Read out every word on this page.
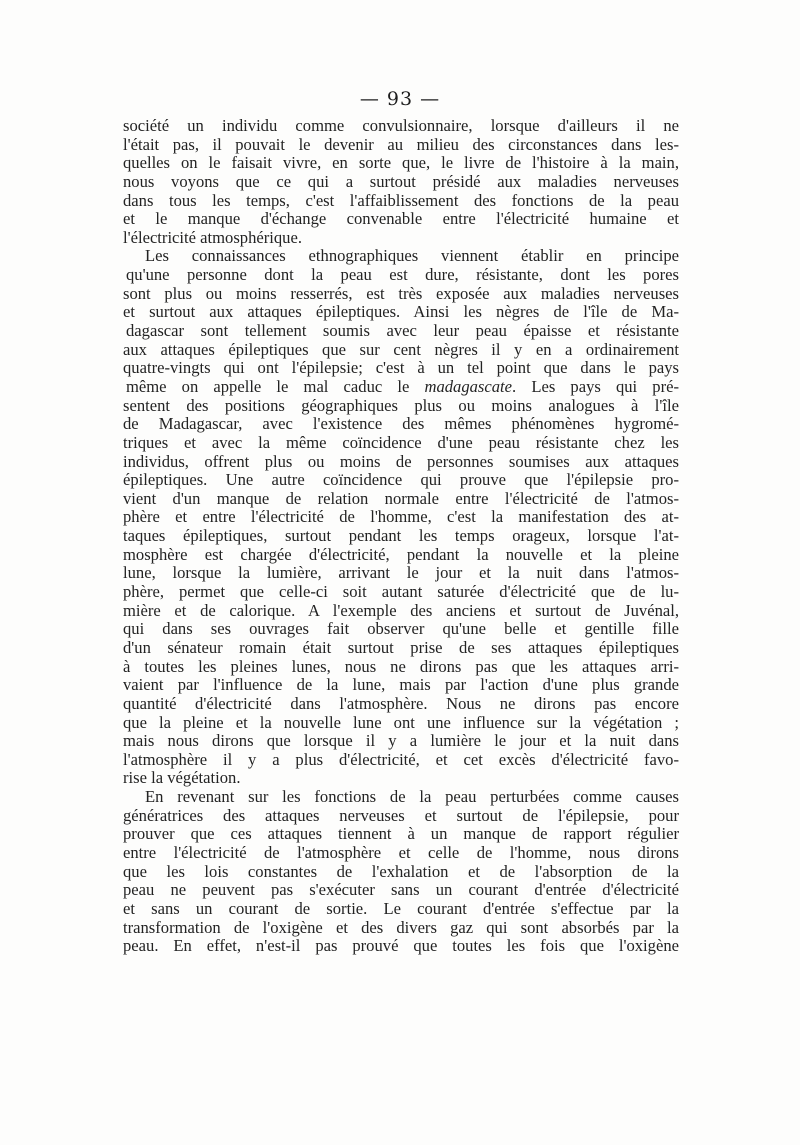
— 93 —
société un individu comme convulsionnaire, lorsque d'ailleurs il ne
l'était pas, il pouvait le devenir au milieu des circonstances dans les-
quelles on le faisait vivre, en sorte que, le livre de l'histoire à la main,
nous voyons que ce qui a surtout présidé aux maladies nerveuses
dans tous les temps, c'est l'affaiblissement des fonctions de la peau
et le manque d'échange convenable entre l'électricité humaine et
l'électricité atmosphérique.
Les connaissances ethnographiques viennent établir en principe
qu'une personne dont la peau est dure, résistante, dont les pores
sont plus ou moins resserrés, est très exposée aux maladies nerveuses
et surtout aux attaques épileptiques. Ainsi les nègres de l'île de Ma-
dagascar sont tellement soumis avec leur peau épaisse et résistante
aux attaques épileptiques que sur cent nègres il y en a ordinairement
quatre-vingts qui ont l'épilepsie; c'est à un tel point que dans le pays
même on appelle le mal caduc le madagascate. Les pays qui pré-
sentent des positions géographiques plus ou moins analogues à l'île
de Madagascar, avec l'existence des mêmes phénomènes hygromé-
triques et avec la même coïncidence d'une peau résistante chez les
individus, offrent plus ou moins de personnes soumises aux attaques
épileptiques. Une autre coïncidence qui prouve que l'épilepsie pro-
vient d'un manque de relation normale entre l'électricité de l'atmos-
phère et entre l'électricité de l'homme, c'est la manifestation des at-
taques épileptiques, surtout pendant les temps orageux, lorsque l'at-
mosphère est chargée d'électricité, pendant la nouvelle et la pleine
lune, lorsque la lumière, arrivant le jour et la nuit dans l'atmos-
phère, permet que celle-ci soit autant saturée d'électricité que de lu-
mière et de calorique. A l'exemple des anciens et surtout de Juvénal,
qui dans ses ouvrages fait observer qu'une belle et gentille fille
d'un sénateur romain était surtout prise de ses attaques épileptiques
à toutes les pleines lunes, nous ne dirons pas que les attaques arri-
vaient par l'influence de la lune, mais par l'action d'une plus grande
quantité d'électricité dans l'atmosphère. Nous ne dirons pas encore
que la pleine et la nouvelle lune ont une influence sur la végétation ;
mais nous dirons que lorsque il y a lumière le jour et la nuit dans
l'atmosphère il y a plus d'électricité, et cet excès d'électricité favo-
rise la végétation.
En revenant sur les fonctions de la peau perturbées comme causes
génératrices des attaques nerveuses et surtout de l'épilepsie, pour
prouver que ces attaques tiennent à un manque de rapport régulier
entre l'électricité de l'atmosphère et celle de l'homme, nous dirons
que les lois constantes de l'exhalation et de l'absorption de la
peau ne peuvent pas s'exécuter sans un courant d'entrée d'électricité
et sans un courant de sortie. Le courant d'entrée s'effectue par la
transformation de l'oxigène et des divers gaz qui sont absorbés par la
peau. En effet, n'est-il pas prouvé que toutes les fois que l'oxigène
